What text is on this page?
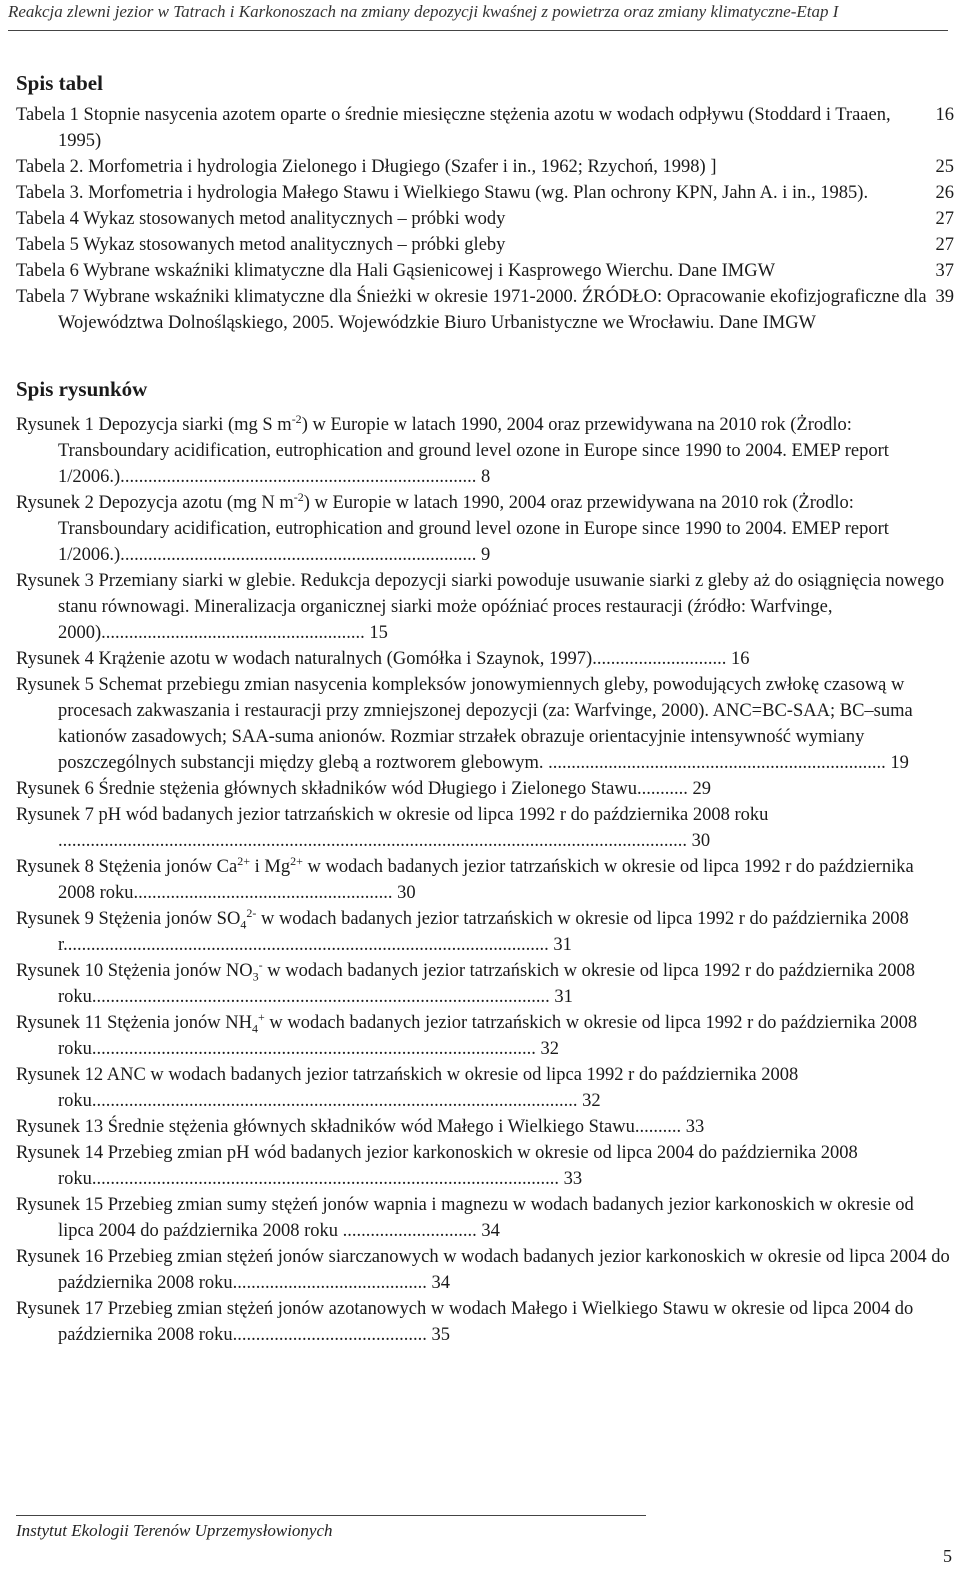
Reakcja zlewni jezior w Tatrach i Karkonoszach na zmiany depozycji kwaśnej z powietrza oraz zmiany klimatyczne-Etap I
Spis tabel

16
Tabela 1 Stopnie nasycenia azotem oparte o średnie miesięczne stężenia azotu w wodach odpływu (Stoddard i Traaen, 1995)

25
Tabela 2. Morfometria i hydrologia Zielonego i Długiego (Szafer i in., 1962; Rzychoń, 1998) ]

26
Tabela 3. Morfometria i hydrologia Małego Stawu i Wielkiego Stawu (wg. Plan ochrony KPN, Jahn A. i in., 1985).

27
Tabela 4 Wykaz stosowanych metod analitycznych – próbki wody

27
Tabela 5 Wykaz stosowanych metod analitycznych – próbki gleby

37
Tabela 6 Wybrane wskaźniki klimatyczne dla Hali Gąsienicowej i Kasprowego Wierchu. Dane IMGW

39
Tabela 7 Wybrane wskaźniki klimatyczne dla Śnieżki w okresie 1971-2000. ŹRÓDŁO: Opracowanie ekofizjograficzne dla Województwa Dolnośląskiego, 2005. Wojewódzkie Biuro Urbanistyczne we Wrocławiu. Dane IMGW

Spis rysunków

Rysunek 1 Depozycja siarki (mg S $m^{-2}$) w Europie w latach 1990, 2004 oraz przewidywana na 2010 rok (Żrodlo: Transboundary acidification, eutrophication and ground level ozone in Europe since 1990 to 2004. EMEP report 1/2006.)............................................................................. 8

Rysunek 2 Depozycja azotu (mg N $m^{-2}$) w Europie w latach 1990, 2004 oraz przewidywana na 2010 rok (Żrodlo: Transboundary acidification, eutrophication and ground level ozone in Europe since 1990 to 2004. EMEP report 1/2006.)............................................................................. 9

Rysunek 3 Przemiany siarki w glebie. Redukcja depozycji siarki powoduje usuwanie siarki z gleby aż do osiągnięcia nowego stanu równowagi. Mineralizacja organicznej siarki może opóźniać proces restauracji (źródło: Warfvinge, 2000)......................................................... 15

Rysunek 4 Krążenie azotu w wodach naturalnych (Gomółka i Szaynok, 1997)............................. 16

Rysunek 5 Schemat przebiegu zmian nasycenia kompleksów jonowymiennych gleby, powodujących zwłokę czasową w procesach zakwaszania i restauracji przy zmniejszonej depozycji (za: Warfvinge, 2000). ANC=BC-SAA; BC–suma kationów zasadowych; SAA-suma anionów. Rozmiar strzałek obrazuje orientacyjnie intensywność wymiany poszczególnych substancji między glebą a roztworem glebowym. ......................................................................... 19

Rysunek 6 Średnie stężenia głównych składników wód Długiego i Zielonego Stawu........... 29

Rysunek 7 pH wód badanych jezior tatrzańskich w okresie od lipca 1992 r do października 2008 roku ........................................................................................................................................ 30

Rysunek 8 Stężenia jonów $Ca^{2+}$ i $Mg^{2+}$ w wodach badanych jezior tatrzańskich w okresie od lipca 1992 r do października 2008 roku........................................................ 30

Rysunek 9 Stężenia jonów $SO_4^{2-}$ w wodach badanych jezior tatrzańskich w okresie od lipca 1992 r do października 2008 r......................................................................................................... 31

Rysunek 10 Stężenia jonów $NO_3^-$ w wodach badanych jezior tatrzańskich w okresie od lipca 1992 r do października 2008 roku................................................................................................... 31

Rysunek 11 Stężenia jonów $NH_4^+$ w wodach badanych jezior tatrzańskich w okresie od lipca 1992 r do października 2008 roku................................................................................................ 32

Rysunek 12 ANC w wodach badanych jezior tatrzańskich w okresie od lipca 1992 r do października 2008 roku......................................................................................................... 32

Rysunek 13 Średnie stężenia głównych składników wód Małego i Wielkiego Stawu.......... 33

Rysunek 14 Przebieg zmian pH wód badanych jezior karkonoskich w okresie od lipca 2004 do października 2008 roku..................................................................................................... 33

Rysunek 15 Przebieg zmian sumy stężeń jonów wapnia i magnezu w wodach badanych jezior karkonoskich w okresie od lipca 2004 do października 2008 roku ............................. 34

Rysunek 16 Przebieg zmian stężeń jonów siarczanowych w wodach badanych jezior karkonoskich w okresie od lipca 2004 do października 2008 roku.......................................... 34

Rysunek 17 Przebieg zmian stężeń jonów azotanowych w wodach Małego i Wielkiego Stawu w okresie od lipca 2004 do października 2008 roku.......................................... 35

Instytut Ekologii Terenów Uprzemysłowionych
5
